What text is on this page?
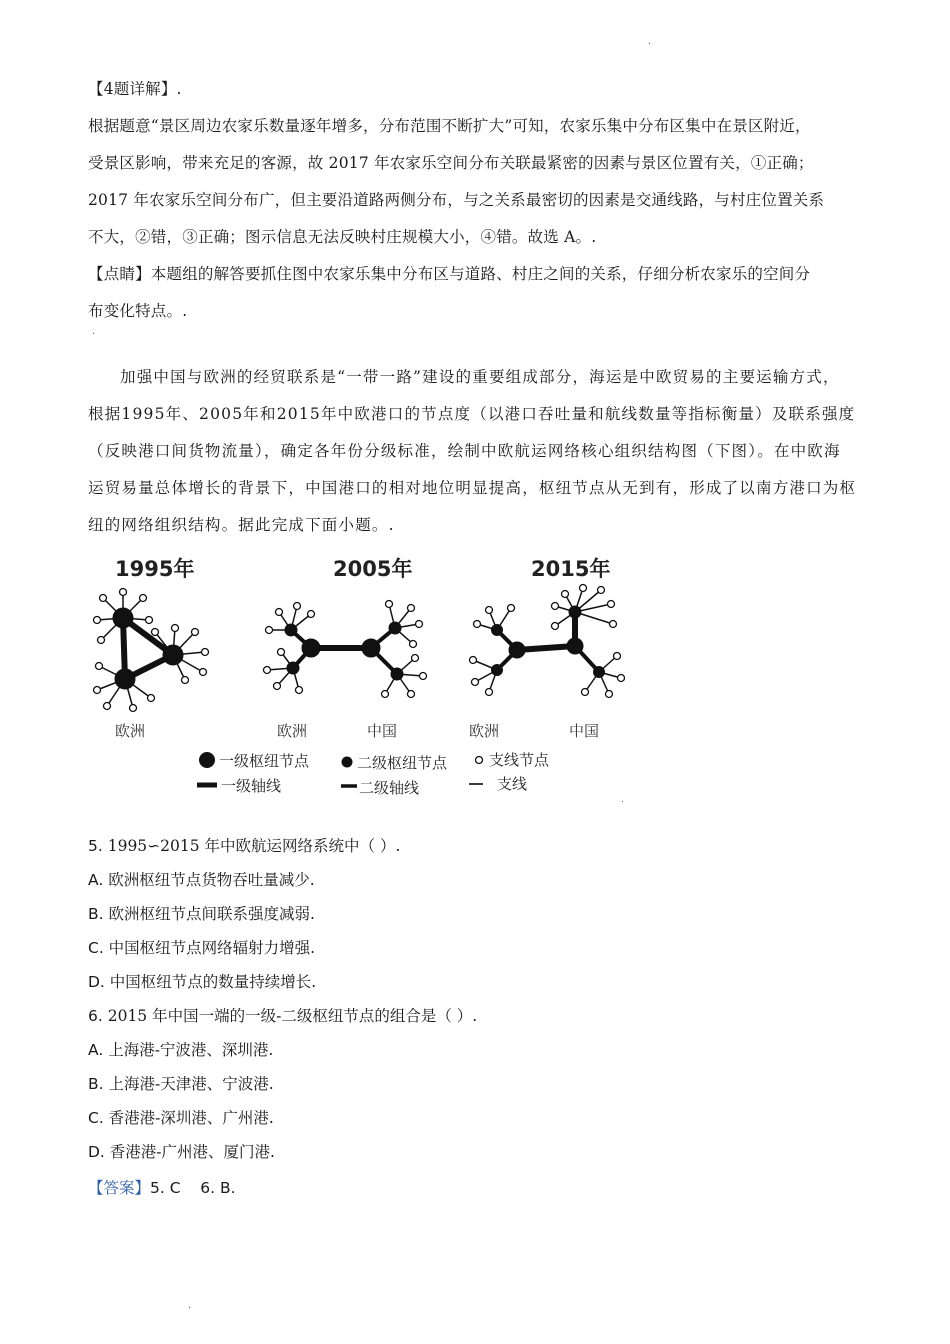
.
【4题详解】.
根据题意“景区周边农家乐数量逐年增多，分布范围不断扩大”可知，农家乐集中分布区集中在景区附近，
受景区影响，带来充足的客源，故 2017 年农家乐空间分布关联最紧密的因素与景区位置有关，①正确；
2017 年农家乐空间分布广，但主要沿道路两侧分布，与之关系最密切的因素是交通线路，与村庄位置关系
不大，②错，③正确；图示信息无法反映村庄规模大小，④错。故选 A。.
【点睛】本题组的解答要抓住图中农家乐集中分布区与道路、村庄之间的关系，仔细分析农家乐的空间分
布变化特点。.
.
加强中国与欧洲的经贸联系是“一带一路”建设的重要组成部分，海运是中欧贸易的主要运输方式，
根据1995年、2005年和2015年中欧港口的节点度（以港口吞吐量和航线数量等指标衡量）及联系强度
（反映港口间货物流量），确定各年份分级标准，绘制中欧航运网络核心组织结构图（下图）。在中欧海
运贸易量总体增长的背景下，中国港口的相对地位明显提高，枢纽节点从无到有，形成了以南方港口为枢
纽的网络组织结构。据此完成下面小题。.
1995年	2005年	2015年
欧洲	欧洲	中国	欧洲	中国
一级枢纽节点	二级枢纽节点	支线节点
一级轴线	二级轴线	支线
.
5. 1995∽2015 年中欧航运网络系统中（ ）.
A. 欧洲枢纽节点货物吞吐量减少.
B. 欧洲枢纽节点间联系强度减弱.
C. 中国枢纽节点网络辐射力增强.
D. 中国枢纽节点的数量持续增长.
6. 2015 年中国一端的一级-二级枢纽节点的组合是（ ）.
A. 上海港-宁波港、深圳港.
B. 上海港-天津港、宁波港.
C. 香港港-深圳港、广州港.
D. 香港港-广州港、厦门港.
【答案】5. C    6. B.
.
